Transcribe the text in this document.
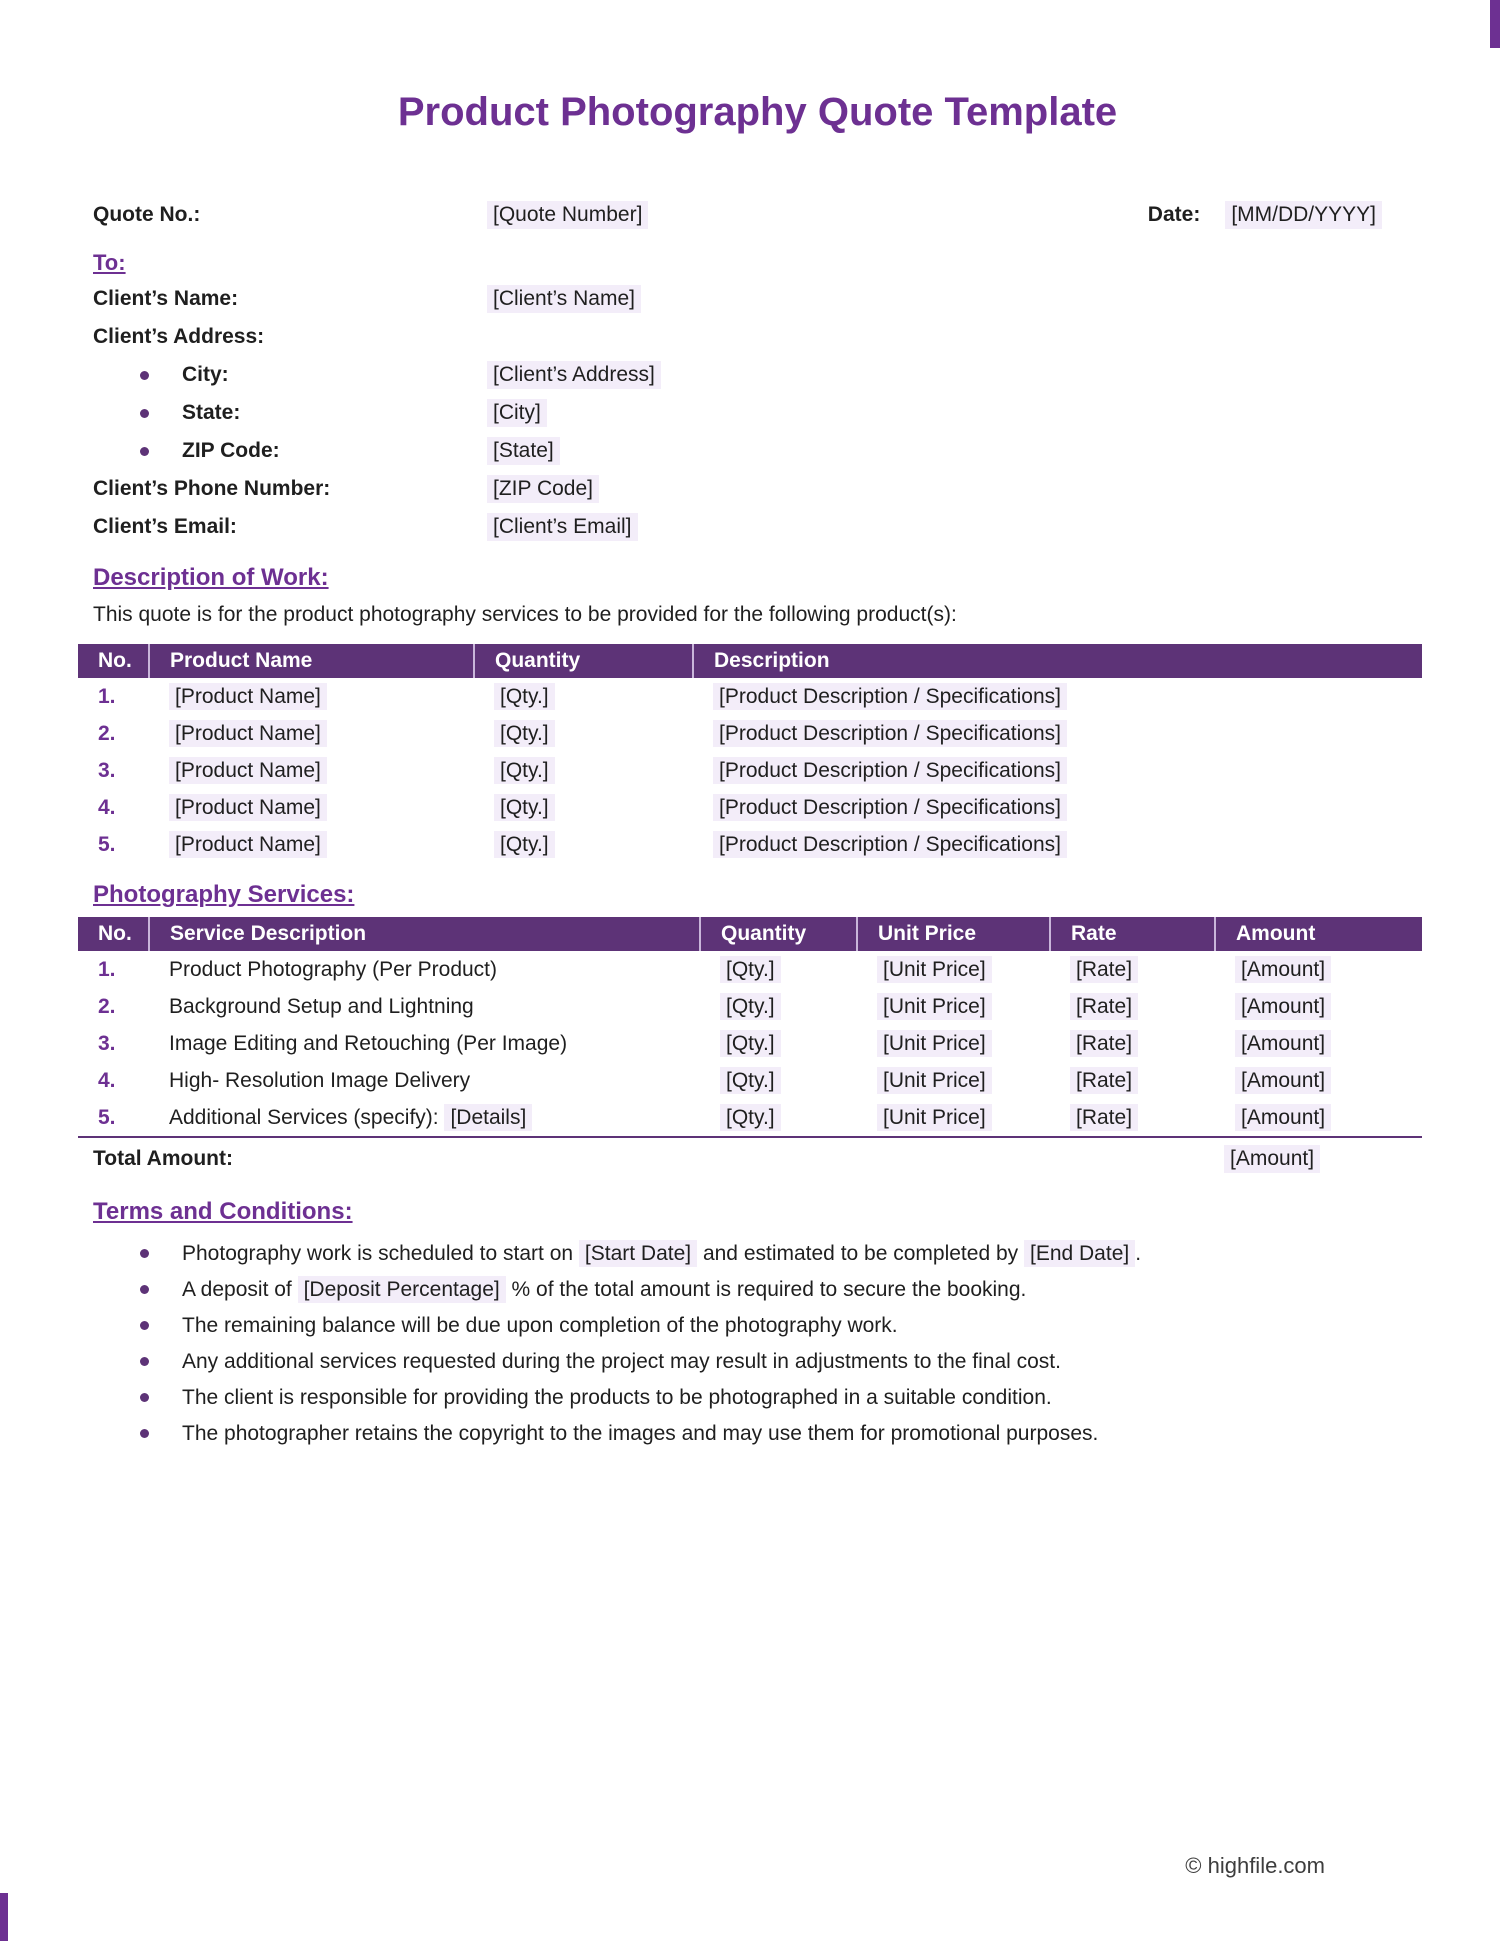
Product Photography Quote Template
Quote No.:	[Quote Number]	Date: [MM/DD/YYYY]
To:
Client’s Name:	[Client’s Name]
Client’s Address:
City:	[Client’s Address]
State:	[City]
ZIP Code:	[State]
Client’s Phone Number:	[ZIP Code]
Client’s Email:	[Client’s Email]
Description of Work:
This quote is for the product photography services to be provided for the following product(s):
No.	Product Name	Quantity	Description
1.	[Product Name]	[Qty.]	[Product Description / Specifications]
2.	[Product Name]	[Qty.]	[Product Description / Specifications]
3.	[Product Name]	[Qty.]	[Product Description / Specifications]
4.	[Product Name]	[Qty.]	[Product Description / Specifications]
5.	[Product Name]	[Qty.]	[Product Description / Specifications]
Photography Services:
No.	Service Description	Quantity	Unit Price	Rate	Amount
1.	Product Photography (Per Product)	[Qty.]	[Unit Price]	[Rate]	[Amount]
2.	Background Setup and Lightning	[Qty.]	[Unit Price]	[Rate]	[Amount]
3.	Image Editing and Retouching (Per Image)	[Qty.]	[Unit Price]	[Rate]	[Amount]
4.	High- Resolution Image Delivery	[Qty.]	[Unit Price]	[Rate]	[Amount]
5.	Additional Services (specify): [Details]	[Qty.]	[Unit Price]	[Rate]	[Amount]
Total Amount:	[Amount]
Terms and Conditions:
Photography work is scheduled to start on [Start Date] and estimated to be completed by [End Date] .
A deposit of [Deposit Percentage] % of the total amount is required to secure the booking.
The remaining balance will be due upon completion of the photography work.
Any additional services requested during the project may result in adjustments to the final cost.
The client is responsible for providing the products to be photographed in a suitable condition.
The photographer retains the copyright to the images and may use them for promotional purposes.
© highfile.com
